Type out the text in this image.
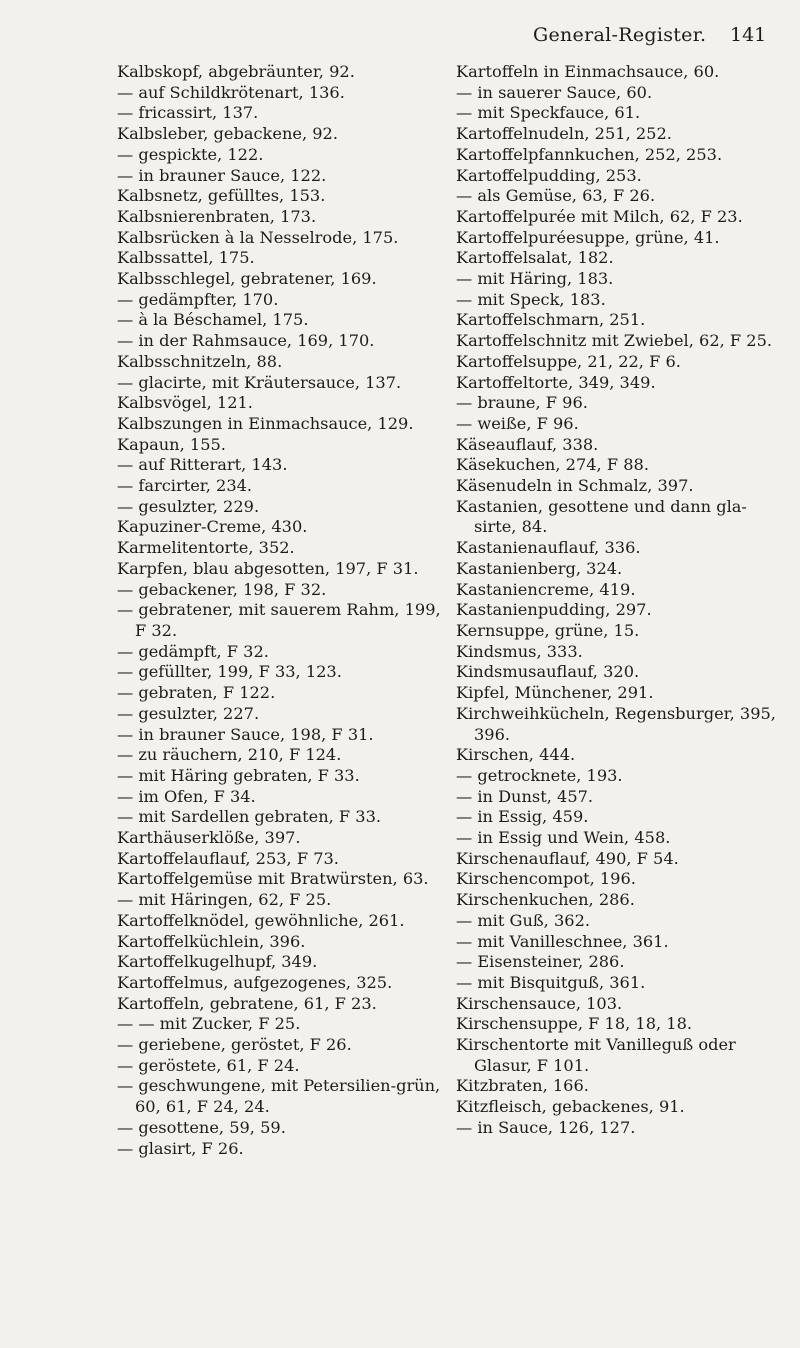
General-Register. 141
Kalbskopf, abgebräunter, 92.
— auf Schildkrötenart, 136.
— fricassirt, 137.
Kalbsleber, gebackene, 92.
— gespickte, 122.
— in brauner Sauce, 122.
Kalbsnetz, gefülltes, 153.
Kalbsnierenbraten, 173.
Kalbsrücken à la Nesselrode, 175.
Kalbssattel, 175.
Kalbsschlegel, gebratener, 169.
— gedämpfter, 170.
— à la Béschamel, 175.
— in der Rahmsauce, 169, 170.
Kalbsschnitzeln, 88.
— glacirte, mit Kräutersauce, 137.
Kalbsvögel, 121.
Kalbszungen in Einmachsauce, 129.
Kapaun, 155.
— auf Ritterart, 143.
— farcirter, 234.
— gesulzter, 229.
Kapuziner-Creme, 430.
Karmelitentorte, 352.
Karpfen, blau abgesotten, 197, F 31.
— gebackener, 198, F 32.
— gebratener, mit sauerem Rahm, 199, F 32.
— gedämpft, F 32.
— gefüllter, 199, F 33, 123.
— gebraten, F 122.
— gesulzter, 227.
— in brauner Sauce, 198, F 31.
— zu räuchern, 210, F 124.
— mit Häring gebraten, F 33.
— im Ofen, F 34.
— mit Sardellen gebraten, F 33.
Karthäuserklöße, 397.
Kartoffelauflauf, 253, F 73.
Kartoffelgemüse mit Bratwürsten, 63.
— mit Häringen, 62, F 25.
Kartoffelknödel, gewöhnliche, 261.
Kartoffelküchlein, 396.
Kartoffelkugelhupf, 349.
Kartoffelmus, aufgezogenes, 325.
Kartoffeln, gebratene, 61, F 23.
— — mit Zucker, F 25.
— geriebene, geröstet, F 26.
— geröstete, 61, F 24.
— geschwungene, mit Petersilien-grün, 60, 61, F 24, 24.
— gesottene, 59, 59.
— glasirt, F 26.
Kartoffeln in Einmachsauce, 60.
— in sauerer Sauce, 60.
— mit Speckfauce, 61.
Kartoffelnudeln, 251, 252.
Kartoffelpfannkuchen, 252, 253.
Kartoffelpudding, 253.
— als Gemüse, 63, F 26.
Kartoffelpurée mit Milch, 62, F 23.
Kartoffelpuréesuppe, grüne, 41.
Kartoffelsalat, 182.
— mit Häring, 183.
— mit Speck, 183.
Kartoffelschmarn, 251.
Kartoffelschnitz mit Zwiebel, 62, F 25.
Kartoffelsuppe, 21, 22, F 6.
Kartoffeltorte, 349, 349.
— braune, F 96.
— weiße, F 96.
Käseauflauf, 338.
Käsekuchen, 274, F 88.
Käsenudeln in Schmalz, 397.
Kastanien, gesottene und dann gla-sirte, 84.
Kastanienauflauf, 336.
Kastanienberg, 324.
Kastaniencreme, 419.
Kastanienpudding, 297.
Kernsuppe, grüne, 15.
Kindsmus, 333.
Kindsmusauflauf, 320.
Kipfel, Münchener, 291.
Kirchweihkücheln, Regensburger, 395, 396.
Kirschen, 444.
— getrocknete, 193.
— in Dunst, 457.
— in Essig, 459.
— in Essig und Wein, 458.
Kirschenauflauf, 490, F 54.
Kirschencompot, 196.
Kirschenkuchen, 286.
— mit Guß, 362.
— mit Vanilleschnee, 361.
— Eisensteiner, 286.
— mit Bisquitguß, 361.
Kirschensauce, 103.
Kirschensuppe, F 18, 18, 18.
Kirschentorte mit Vanilleguß oder Glasur, F 101.
Kitzbraten, 166.
Kitzfleisch, gebackenes, 91.
— in Sauce, 126, 127.
